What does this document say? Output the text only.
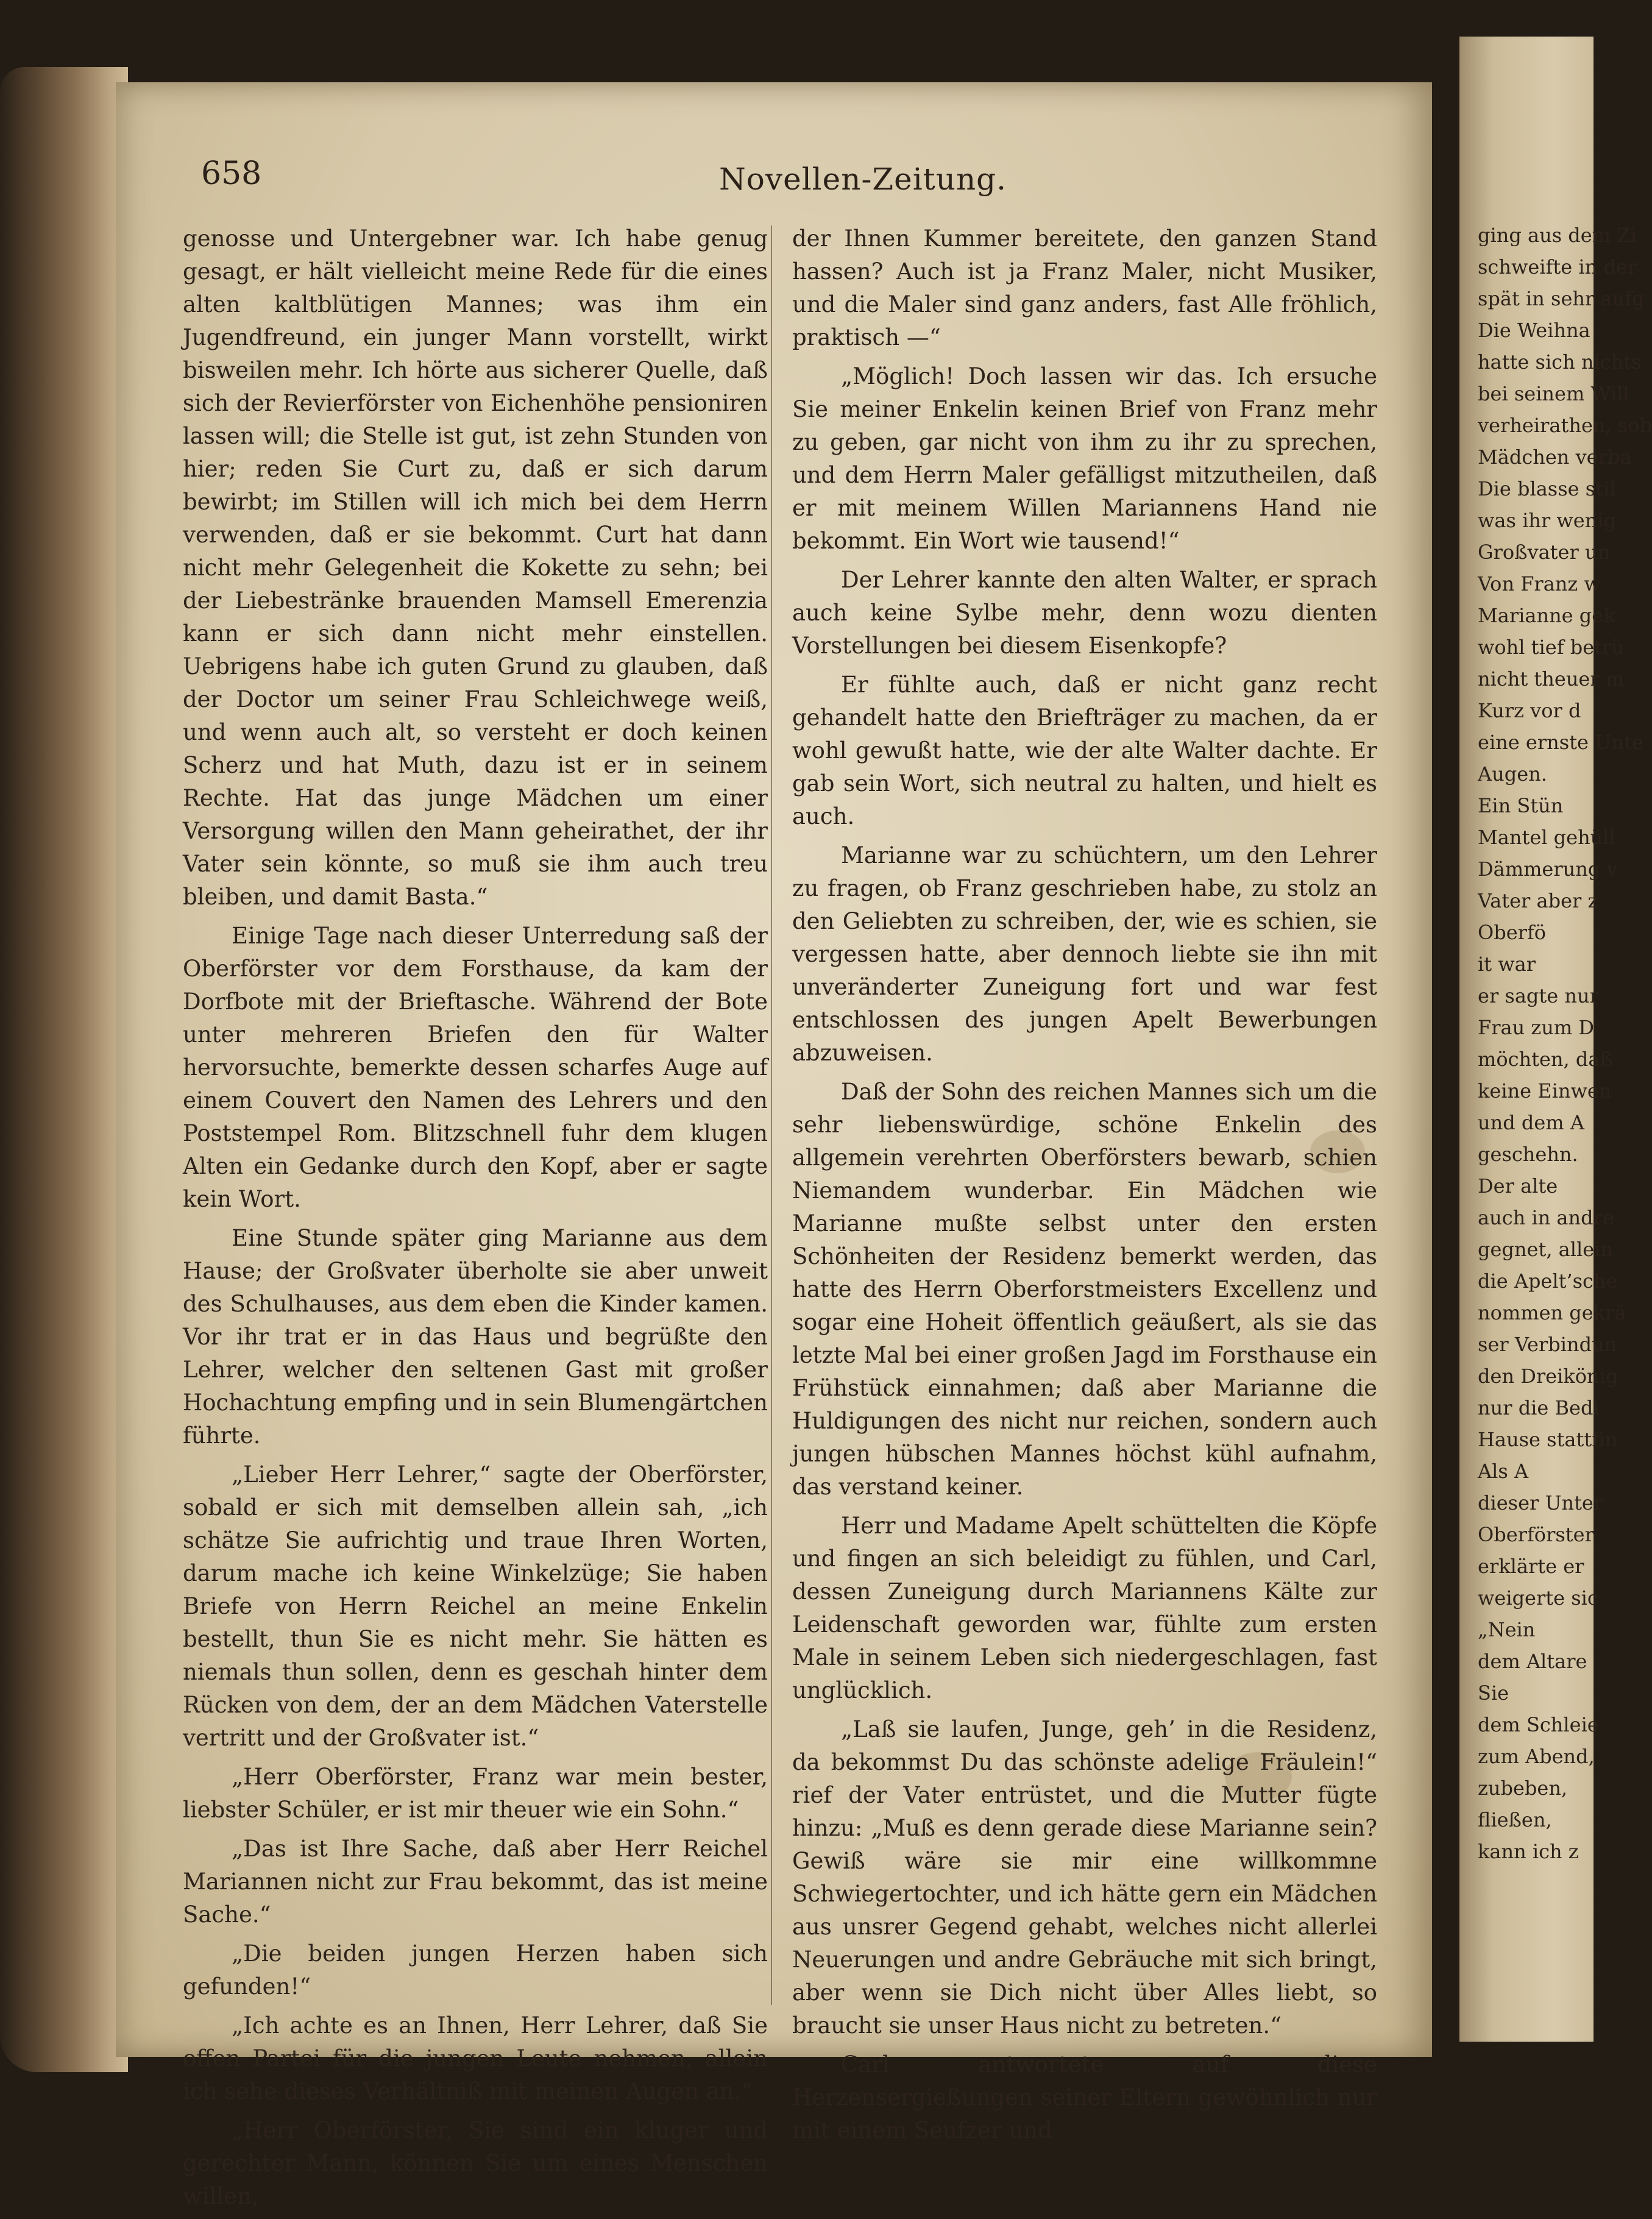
658	Novellen-Zeitung.

genosse und Untergebner war. Ich habe genug gesagt, er hält vielleicht meine Rede für die eines alten kaltblütigen Mannes; was ihm ein Jugendfreund, ein junger Mann vorstellt, wirkt bisweilen mehr. Ich hörte aus sicherer Quelle, daß sich der Revierförster von Eichenhöhe pensioniren lassen will; die Stelle ist gut, ist zehn Stunden von hier; reden Sie Curt zu, daß er sich darum bewirbt; im Stillen will ich mich bei dem Herrn verwenden, daß er sie bekommt. Curt hat dann nicht mehr Gelegenheit die Kokette zu sehn; bei der Liebestränke brauenden Mamsell Emerenzia kann er sich dann nicht mehr einstellen. Uebrigens habe ich guten Grund zu glauben, daß der Doctor um seiner Frau Schleichwege weiß, und wenn auch alt, so versteht er doch keinen Scherz und hat Muth, dazu ist er in seinem Rechte. Hat das junge Mädchen um einer Versorgung willen den Mann geheirathet, der ihr Vater sein könnte, so muß sie ihm auch treu bleiben, und damit Basta.“

Einige Tage nach dieser Unterredung saß der Oberförster vor dem Forsthause, da kam der Dorfbote mit der Brieftasche. Während der Bote unter mehreren Briefen den für Walter hervorsuchte, bemerkte dessen scharfes Auge auf einem Couvert den Namen des Lehrers und den Poststempel Rom. Blitzschnell fuhr dem klugen Alten ein Gedanke durch den Kopf, aber er sagte kein Wort.

Eine Stunde später ging Marianne aus dem Hause; der Großvater überholte sie aber unweit des Schulhauses, aus dem eben die Kinder kamen. Vor ihr trat er in das Haus und begrüßte den Lehrer, welcher den seltenen Gast mit großer Hochachtung empfing und in sein Blumengärtchen führte.

„Lieber Herr Lehrer,“ sagte der Oberförster, sobald er sich mit demselben allein sah, „ich schätze Sie aufrichtig und traue Ihren Worten, darum mache ich keine Winkelzüge; Sie haben Briefe von Herrn Reichel an meine Enkelin bestellt, thun Sie es nicht mehr. Sie hätten es niemals thun sollen, denn es geschah hinter dem Rücken von dem, der an dem Mädchen Vaterstelle vertritt und der Großvater ist.“

„Herr Oberförster, Franz war mein bester, liebster Schüler, er ist mir theuer wie ein Sohn.“

„Das ist Ihre Sache, daß aber Herr Reichel Mariannen nicht zur Frau bekommt, das ist meine Sache.“

„Die beiden jungen Herzen haben sich gefunden!“

„Ich achte es an Ihnen, Herr Lehrer, daß Sie offen Partei für die jungen Leute nehmen, allein ich sehe dieses Verhältniß mit meinen Augen an.“

„Herr Oberförster, Sie sind ein kluger und gerechter Mann, können Sie um eines Menschen willen,

der Ihnen Kummer bereitete, den ganzen Stand hassen? Auch ist ja Franz Maler, nicht Musiker, und die Maler sind ganz anders, fast Alle fröhlich, praktisch —“

„Möglich! Doch lassen wir das. Ich ersuche Sie meiner Enkelin keinen Brief von Franz mehr zu geben, gar nicht von ihm zu ihr zu sprechen, und dem Herrn Maler gefälligst mitzutheilen, daß er mit meinem Willen Mariannens Hand nie bekommt. Ein Wort wie tausend!“

Der Lehrer kannte den alten Walter, er sprach auch keine Sylbe mehr, denn wozu dienten Vorstellungen bei diesem Eisenkopfe?

Er fühlte auch, daß er nicht ganz recht gehandelt hatte den Briefträger zu machen, da er wohl gewußt hatte, wie der alte Walter dachte. Er gab sein Wort, sich neutral zu halten, und hielt es auch.

Marianne war zu schüchtern, um den Lehrer zu fragen, ob Franz geschrieben habe, zu stolz an den Geliebten zu schreiben, der, wie es schien, sie vergessen hatte, aber dennoch liebte sie ihn mit unveränderter Zuneigung fort und war fest entschlossen des jungen Apelt Bewerbungen abzuweisen.

Daß der Sohn des reichen Mannes sich um die sehr liebenswürdige, schöne Enkelin des allgemein verehrten Oberförsters bewarb, schien Niemandem wunderbar. Ein Mädchen wie Marianne mußte selbst unter den ersten Schönheiten der Residenz bemerkt werden, das hatte des Herrn Oberforstmeisters Excellenz und sogar eine Hoheit öffentlich geäußert, als sie das letzte Mal bei einer großen Jagd im Forsthause ein Frühstück einnahmen; daß aber Marianne die Huldigungen des nicht nur reichen, sondern auch jungen hübschen Mannes höchst kühl aufnahm, das verstand keiner.

Herr und Madame Apelt schüttelten die Köpfe und fingen an sich beleidigt zu fühlen, und Carl, dessen Zuneigung durch Mariannens Kälte zur Leidenschaft geworden war, fühlte zum ersten Male in seinem Leben sich niedergeschlagen, fast unglücklich.

„Laß sie laufen, Junge, geh’ in die Residenz, da bekommst Du das schönste adelige Fräulein!“ rief der Vater entrüstet, und die Mutter fügte hinzu: „Muß es denn gerade diese Marianne sein? Gewiß wäre sie mir eine willkommne Schwiegertochter, und ich hätte gern ein Mädchen aus unsrer Gegend gehabt, welches nicht allerlei Neuerungen und andre Gebräuche mit sich bringt, aber wenn sie Dich nicht über Alles liebt, so braucht sie unser Haus nicht zu betreten.“

Carl antwortete auf diese Herzensergießungen seiner Eltern gewöhnlich nur mit einem Seufzer und

ging aus dem Zi
schweifte in der
spät in sehr aufg
Die Weihna
hatte sich nichts
bei seinem Will
verheirathen, sob
Mädchen verba
Die blasse stil
was ihr wenig
Großvater un
Von Franz w
Marianne gek
wohl tief betrü
nicht theuer m
Kurz vor d
eine ernste Unte
Augen.
Ein Stün
Mantel gehüll
Dämmerung v
Vater aber z
Oberfö
it war
er sagte nur
Frau zum D
möchten, daß
keine Einwen
und dem A
geschehn.
Der alte
auch in andre
gegnet, allein
die Apelt’sche
nommen gekrä
ser Verbindun
den Dreikönig
nur die Bedi
Hause stattfin
Als A
dieser Unter
Oberförster
erklärte er
weigerte sic
„Nein
dem Altare
Sie
dem Schleie
zum Abend,
zubeben,
fließen,
kann ich z
